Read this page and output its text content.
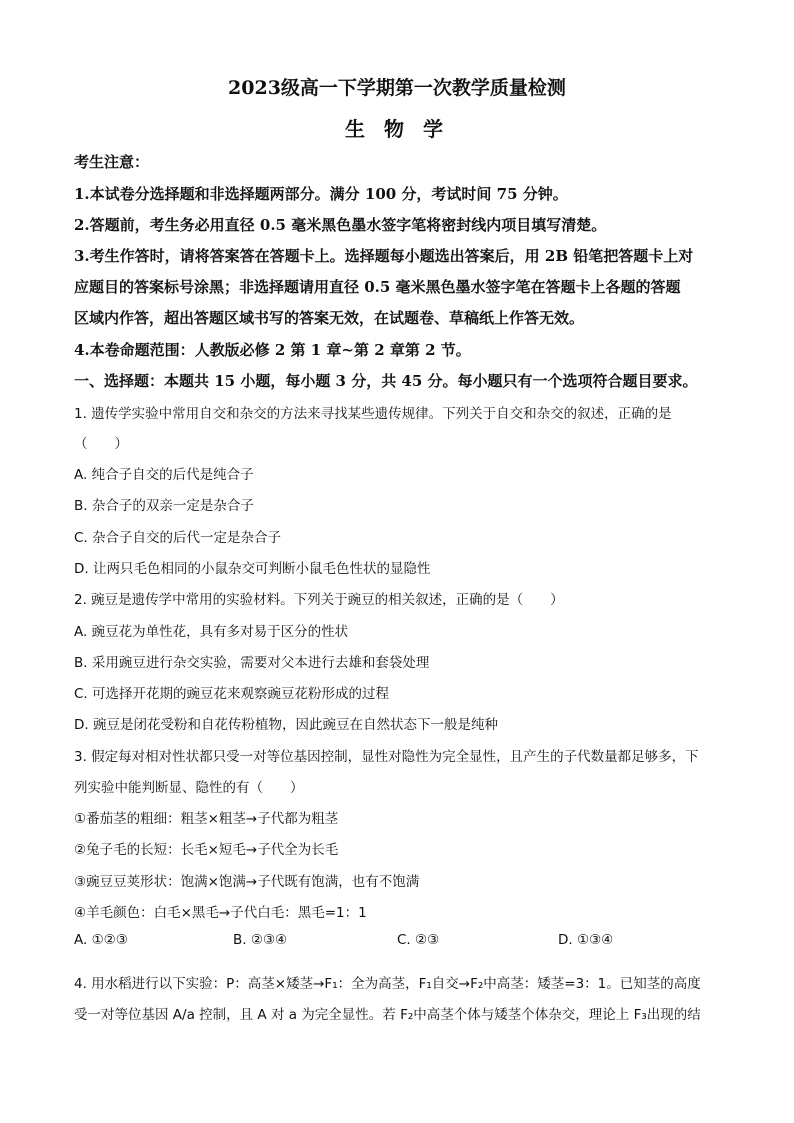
2023级高一下学期第一次教学质量检测
生 物 学
考生注意：
1.本试卷分选择题和非选择题两部分。满分 100 分，考试时间 75 分钟。
2.答题前，考生务必用直径 0.5 毫米黑色墨水签字笔将密封线内项目填写清楚。
3.考生作答时，请将答案答在答题卡上。选择题每小题选出答案后，用 2B 铅笔把答题卡上对
应题目的答案标号涂黑；非选择题请用直径 0.5 毫米黑色墨水签字笔在答题卡上各题的答题
区域内作答，超出答题区域书写的答案无效，在试题卷、草稿纸上作答无效。
4.本卷命题范围：人教版必修 2 第 1 章~第 2 章第 2 节。
一、选择题：本题共 15 小题，每小题 3 分，共 45 分。每小题只有一个选项符合题目要求。
1. 遗传学实验中常用自交和杂交的方法来寻找某些遗传规律。下列关于自交和杂交的叙述，正确的是
（　　）
A. 纯合子自交的后代是纯合子
B. 杂合子的双亲一定是杂合子
C. 杂合子自交的后代一定是杂合子
D. 让两只毛色相同的小鼠杂交可判断小鼠毛色性状的显隐性
2. 豌豆是遗传学中常用的实验材料。下列关于豌豆的相关叙述，正确的是（　　）
A. 豌豆花为单性花，具有多对易于区分的性状
B. 采用豌豆进行杂交实验，需要对父本进行去雄和套袋处理
C. 可选择开花期的豌豆花来观察豌豆花粉形成的过程
D. 豌豆是闭花受粉和自花传粉植物，因此豌豆在自然状态下一般是纯种
3. 假定每对相对性状都只受一对等位基因控制，显性对隐性为完全显性，且产生的子代数量都足够多，下
列实验中能判断显、隐性的有（　　）
①番茄茎的粗细：粗茎×粗茎→子代都为粗茎
②兔子毛的长短：长毛×短毛→子代全为长毛
③豌豆豆荚形状：饱满×饱满→子代既有饱满，也有不饱满
④羊毛颜色：白毛×黑毛→子代白毛：黑毛=1：1
A. ①②③	B. ②③④	C. ②③	D. ①③④
4. 用水稻进行以下实验：P：高茎×矮茎→F₁：全为高茎，F₁自交→F₂中高茎：矮茎=3：1。已知茎的高度
受一对等位基因 A/a 控制，且 A 对 a 为完全显性。若 F₂中高茎个体与矮茎个体杂交，理论上 F₃出现的结
